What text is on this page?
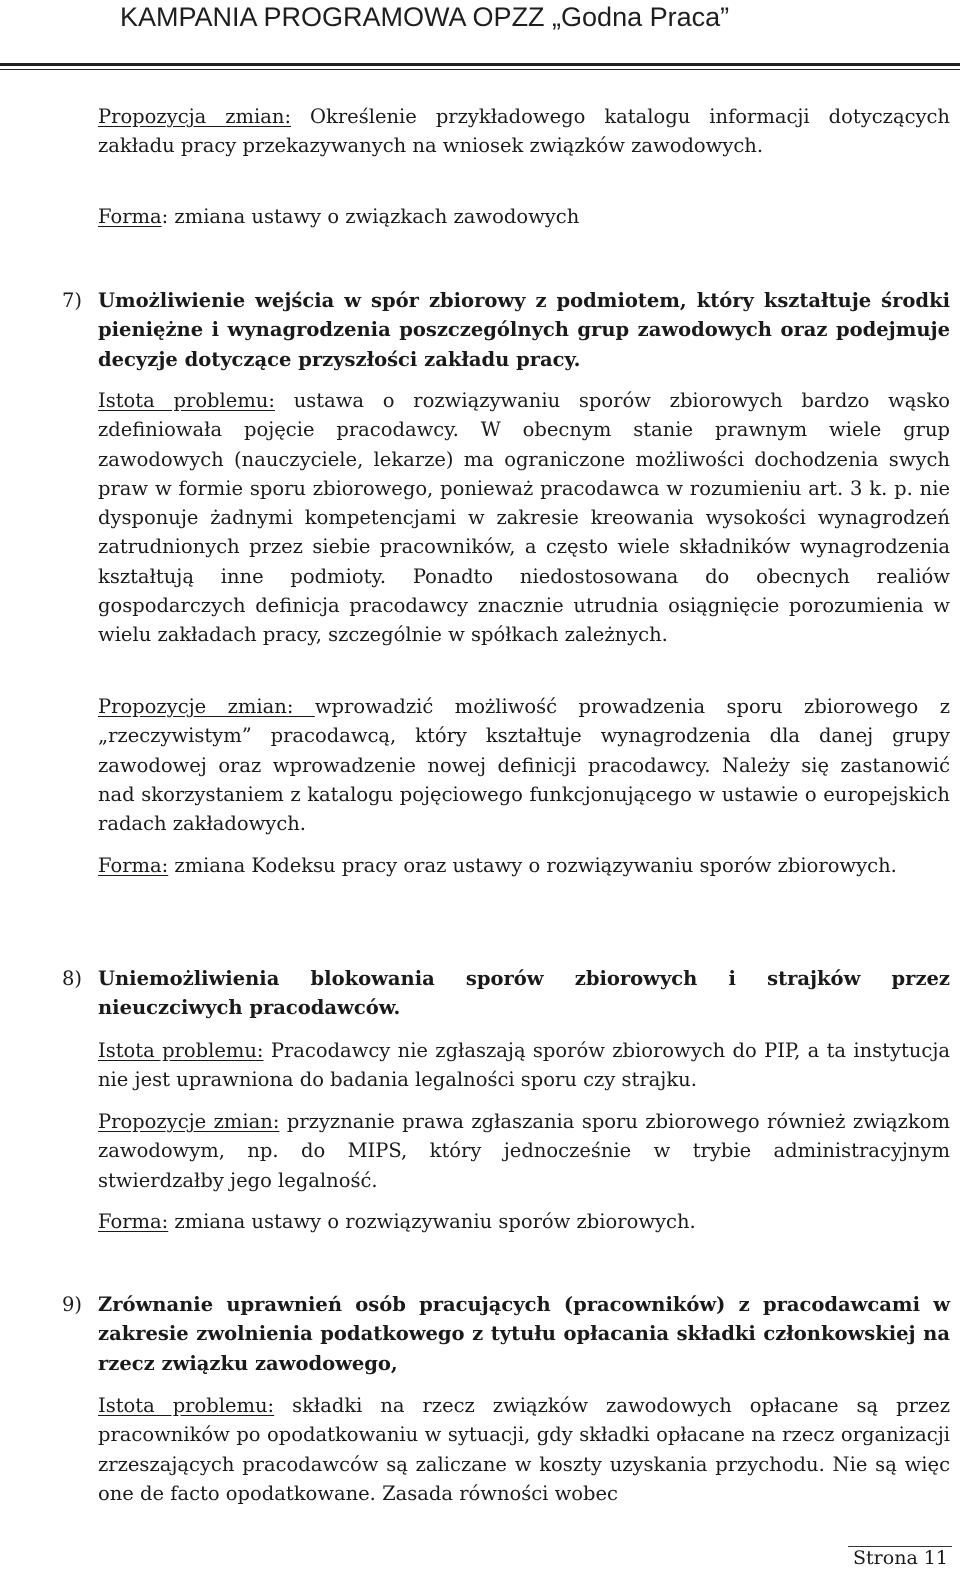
KAMPANIA PROGRAMOWA OPZZ „Godna Praca”
Propozycja zmian: Określenie przykładowego katalogu informacji dotyczących zakładu pracy przekazywanych na wniosek związków zawodowych.
Forma: zmiana ustawy o związkach zawodowych
7) Umożliwienie wejścia w spór zbiorowy z podmiotem, który kształtuje środki pieniężne i wynagrodzenia poszczególnych grup zawodowych oraz podejmuje decyzje dotyczące przyszłości zakładu pracy.
Istota problemu: ustawa o rozwiązywaniu sporów zbiorowych bardzo wąsko zdefiniowała pojęcie pracodawcy. W obecnym stanie prawnym wiele grup zawodowych (nauczyciele, lekarze) ma ograniczone możliwości dochodzenia swych praw w formie sporu zbiorowego, ponieważ pracodawca w rozumieniu art. 3 k. p. nie dysponuje żadnymi kompetencjami w zakresie kreowania wysokości wynagrodzeń zatrudnionych przez siebie pracowników, a często wiele składników wynagrodzenia kształtują inne podmioty. Ponadto niedostosowana do obecnych realiów gospodarczych definicja pracodawcy znacznie utrudnia osiągnięcie porozumienia w wielu zakładach pracy, szczególnie w spółkach zależnych.
Propozycje zmian: wprowadzić możliwość prowadzenia sporu zbiorowego z „rzeczywistym” pracodawcą, który kształtuje wynagrodzenia dla danej grupy zawodowej oraz wprowadzenie nowej definicji pracodawcy. Należy się zastanowić nad skorzystaniem z katalogu pojęciowego funkcjonującego w ustawie o europejskich radach zakładowych.
Forma: zmiana Kodeksu pracy oraz ustawy o rozwiązywaniu sporów zbiorowych.
8) Uniemożliwienia blokowania sporów zbiorowych i strajków przez nieuczciwych pracodawców.
Istota problemu: Pracodawcy nie zgłaszają sporów zbiorowych do PIP, a ta instytucja nie jest uprawniona do badania legalności sporu czy strajku.
Propozycje zmian: przyznanie prawa zgłaszania sporu zbiorowego również związkom zawodowym, np. do MIPS, który jednocześnie w trybie administracyjnym stwierdzałby jego legalność.
Forma: zmiana ustawy o rozwiązywaniu sporów zbiorowych.
9) Zrównanie uprawnień osób pracujących (pracowników) z pracodawcami w zakresie zwolnienia podatkowego z tytułu opłacania składki członkowskiej na rzecz związku zawodowego,
Istota problemu: składki na rzecz związków zawodowych opłacane są przez pracowników po opodatkowaniu w sytuacji, gdy składki opłacane na rzecz organizacji zrzeszających pracodawców są zaliczane w koszty uzyskania przychodu. Nie są więc one de facto opodatkowane. Zasada równości wobec
Strona 11
